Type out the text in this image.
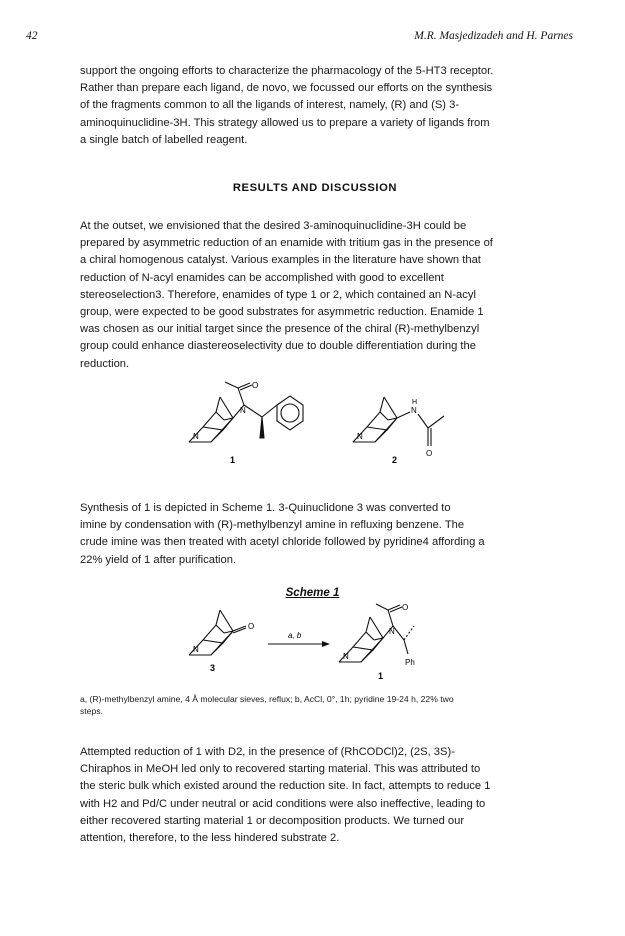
42	M.R. Masjedizadeh and H. Parnes

support the ongoing efforts to characterize the pharmacology of the 5-HT3 receptor.

Rather than prepare each ligand, de novo, we focussed our efforts on the synthesis

of the fragments common to all the ligands of interest, namely, (R) and (S) 3-

aminoquinuclidine-3H. This strategy allowed us to prepare a variety of ligands from

a single batch of labelled reagent.

RESULTS AND DISCUSSION

At the outset, we envisioned that the desired 3-aminoquinuclidine-3H could be

prepared by asymmetric reduction of an enamide with tritium gas in the presence of

a chiral homogenous catalyst. Various examples in the literature have shown that

reduction of N-acyl enamides can be accomplished with good to excellent

stereoselection3. Therefore, enamides of type 1 or 2, which contained an N-acyl

group, were expected to be good substrates for asymmetric reduction. Enamide 1

was chosen as our initial target since the presence of the chiral (R)-methylbenzyl

group could enhance diastereoselectivity due to double differentiation during the

reduction.

N
N
O
1
N
H
N
O
2

Synthesis of 1 is depicted in Scheme 1. 3-Quinuclidone 3 was converted to

imine by condensation with (R)-methylbenzyl amine in refluxing benzene. The

crude imine was then treated with acetyl chloride followed by pyridine4 affording a

22% yield of 1 after purification.

Scheme 1
N
O
3
a, b
N
N
O
Ph
1

a, (R)-methylbenzyl amine, 4 Å molecular sieves, reflux; b, AcCl, 0°, 1h; pyridine 19-24 h, 22% two

steps.

Attempted reduction of 1 with D2, in the presence of (RhCODCl)2, (2S, 3S)-

Chiraphos in MeOH led only to recovered starting material. This was attributed to

the steric bulk which existed around the reduction site. In fact, attempts to reduce 1

with H2 and Pd/C under neutral or acid conditions were also ineffective, leading to

either recovered starting material 1 or decomposition products. We turned our

attention, therefore, to the less hindered substrate 2.
